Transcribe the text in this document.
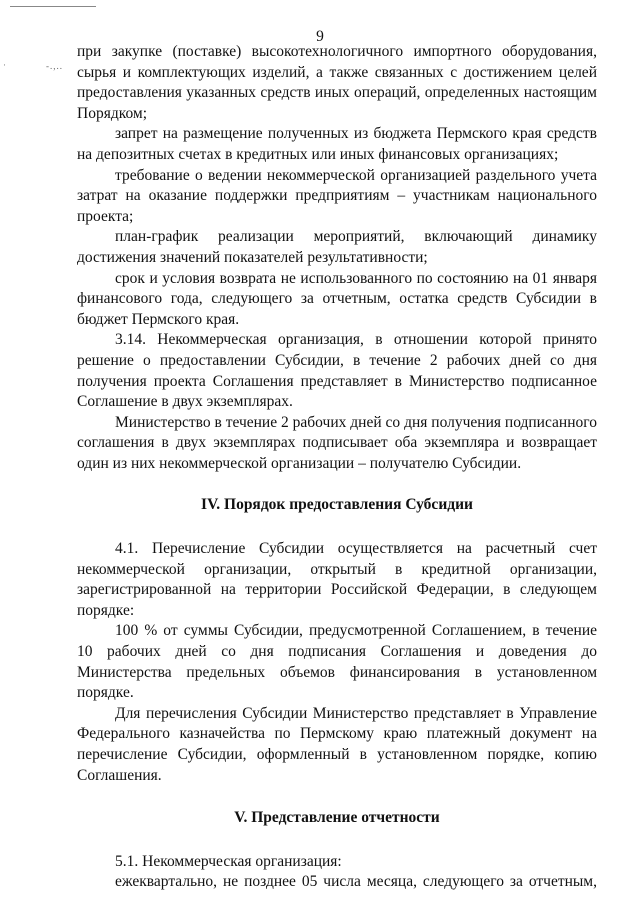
·	-.,..
9

при закупке (поставке) высокотехнологичного импортного оборудования, сырья и комплектующих изделий, а также связанных с достижением целей предоставления указанных средств иных операций, определенных настоящим Порядком;

запрет на размещение полученных из бюджета Пермского края средств на депозитных счетах в кредитных или иных финансовых организациях;

требование о ведении некоммерческой организацией раздельного учета затрат на оказание поддержки предприятиям – участникам национального проекта;

план-график реализации мероприятий, включающий динамику достижения значений показателей результативности;

срок и условия возврата не использованного по состоянию на 01 января финансового года, следующего за отчетным, остатка средств Субсидии в бюджет Пермского края.

3.14. Некоммерческая организация, в отношении которой принято решение о предоставлении Субсидии, в течение 2 рабочих дней со дня получения проекта Соглашения представляет в Министерство подписанное Соглашение в двух экземплярах.

Министерство в течение 2 рабочих дней со дня получения подписанного соглашения в двух экземплярах подписывает оба экземпляра и возвращает один из них некоммерческой организации – получателю Субсидии.

IV. Порядок предоставления Субсидии

4.1. Перечисление Субсидии осуществляется на расчетный счет некоммерческой организации, открытый в кредитной организации, зарегистрированной на территории Российской Федерации, в следующем порядке:

100 % от суммы Субсидии, предусмотренной Соглашением, в течение 10 рабочих дней со дня подписания Соглашения и доведения до Министерства предельных объемов финансирования в установленном порядке.

Для перечисления Субсидии Министерство представляет в Управление Федерального казначейства по Пермскому краю платежный документ на перечисление Субсидии, оформленный в установленном порядке, копию Соглашения.

V. Представление отчетности

5.1. Некоммерческая организация:

ежеквартально, не позднее 05 числа месяца, следующего за отчетным,
